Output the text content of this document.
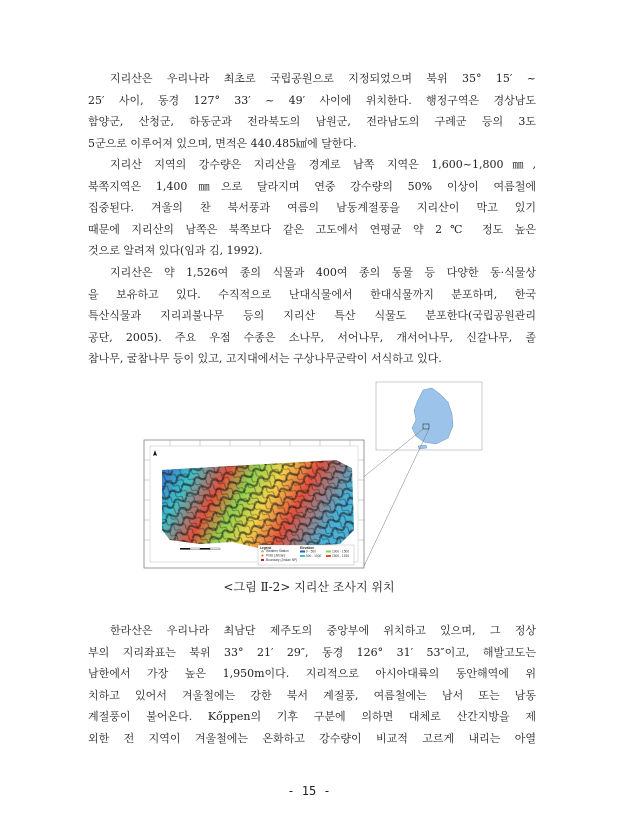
지리산은 우리나라 최초로 국립공원으로 지정되었으며 북위 35° 15′ ~
25′ 사이, 동경 127° 33′ ~ 49′ 사이에 위치한다. 행정구역은 경상남도
함양군, 산청군, 하동군과 전라북도의 남원군, 전라남도의 구례군 등의 3도
5군으로 이루어져 있으며, 면적은 440.485㎢에 달한다.
지리산 지역의 강수량은 지리산을 경계로 남쪽 지역은 1,600~1,800㎜,
북쪽지역은 1,400㎜으로 달라지며 연중 강수량의 50% 이상이 여름철에
집중된다. 겨울의 찬 북서풍과 여름의 남동계절풍을 지리산이 막고 있기
때문에 지리산의 남쪽은 북쪽보다 같은 고도에서 연평균 약 2℃ 정도 높은
것으로 알려져 있다(임과 김, 1992).
지리산은 약 1,526여 종의 식물과 400여 종의 동물 등 다양한 동·식물상
을 보유하고 있다. 수직적으로 난대식물에서 한대식물까지 분포하며, 한국
특산식물과 지리괴불나무 등의 지리산 특산 식물도 분포한다(국립공원관리
공단, 2005). 주요 우점 수종은 소나무, 서어나무, 개서어나무, 신갈나무, 졸
참나무, 굴참나무 등이 있고, 고지대에서는 구상나무군락이 서식하고 있다.
Legend
Weather Station
Plots (Jirisan)
Boundary (Jirisan NP)
Elevation
0 - 500
500 - 1000
1000 - 1500
1500 - 1915
<그림 Ⅱ-2> 지리산 조사지 위치
한라산은 우리나라 최남단 제주도의 중앙부에 위치하고 있으며, 그 정상
부의 지리좌표는 북위 33° 21′ 29″, 동경 126° 31′ 53″이고, 해발고도는
남한에서 가장 높은 1,950m이다. 지리적으로 아시아대륙의 동안해역에 위
치하고 있어서 겨울철에는 강한 북서 계절풍, 여름철에는 남서 또는 남동
계절풍이 불어온다. Kőppen의 기후 구분에 의하면 대체로 산간지방을 제
외한 전 지역이 겨울철에는 온화하고 강수량이 비교적 고르게 내리는 아열
- 15 -
